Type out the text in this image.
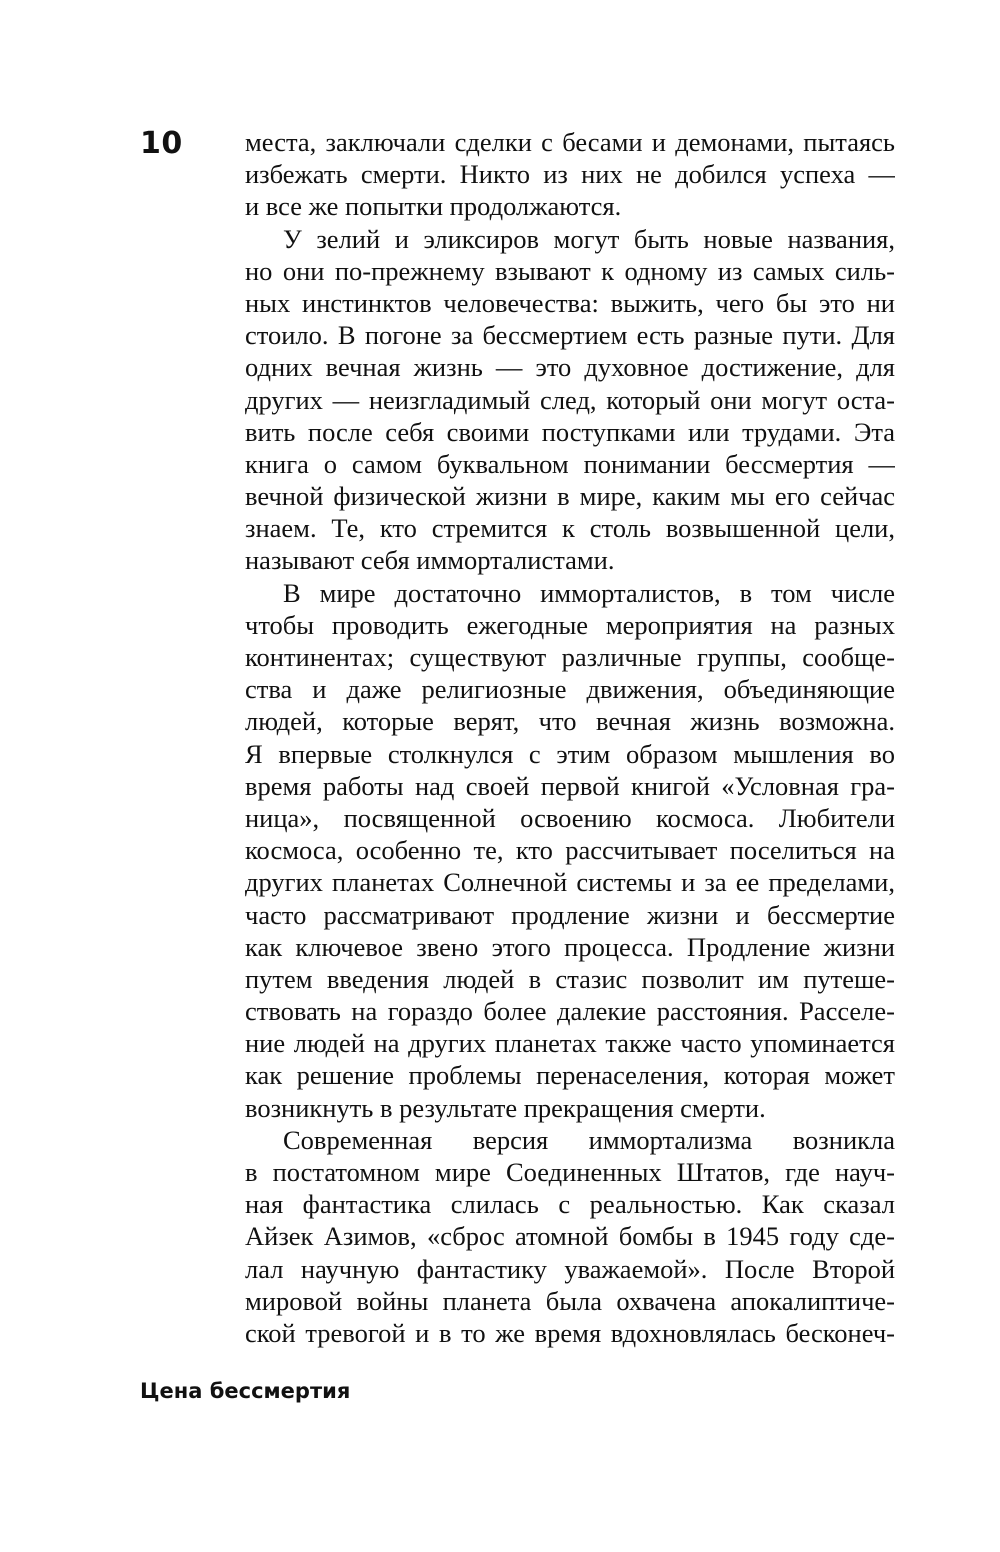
10 места, заключали сделки с бесами и демонами, пытаясь
избежать смерти. Никто из них не добился успеха —
и все же попытки продолжаются.
У зелий и эликсиров могут быть новые названия,
но они по-прежнему взывают к одному из самых силь-
ных инстинктов человечества: выжить, чего бы это ни
стоило. В погоне за бессмертием есть разные пути. Для
одних вечная жизнь — это духовное достижение, для
других — неизгладимый след, который они могут оста-
вить после себя своими поступками или трудами. Эта
книга о самом буквальном понимании бессмертия —
вечной физической жизни в мире, каким мы его сейчас
знаем. Те, кто стремится к столь возвышенной цели,
называют себя имморталистами.
В мире достаточно имморталистов, в том числе
чтобы проводить ежегодные мероприятия на разных
континентах; существуют различные группы, сообще-
ства и даже религиозные движения, объединяющие
людей, которые верят, что вечная жизнь возможна.
Я впервые столкнулся с этим образом мышления во
время работы над своей первой книгой «Условная гра-
ница», посвященной освоению космоса. Любители
космоса, особенно те, кто рассчитывает поселиться на
других планетах Солнечной системы и за ее пределами,
часто рассматривают продление жизни и бессмертие
как ключевое звено этого процесса. Продление жизни
путем введения людей в стазис позволит им путеше-
ствовать на гораздо более далекие расстояния. Расселе-
ние людей на других планетах также часто упоминается
как решение проблемы перенаселения, которая может
возникнуть в результате прекращения смерти.
Современная версия иммортализма возникла
в постатомном мире Соединенных Штатов, где науч-
ная фантастика слилась с реальностью. Как сказал
Айзек Азимов, «сброс атомной бомбы в 1945 году сде-
лал научную фантастику уважаемой». После Второй
мировой войны планета была охвачена апокалиптиче-
ской тревогой и в то же время вдохновлялась бесконеч-
Цена бессмертия
